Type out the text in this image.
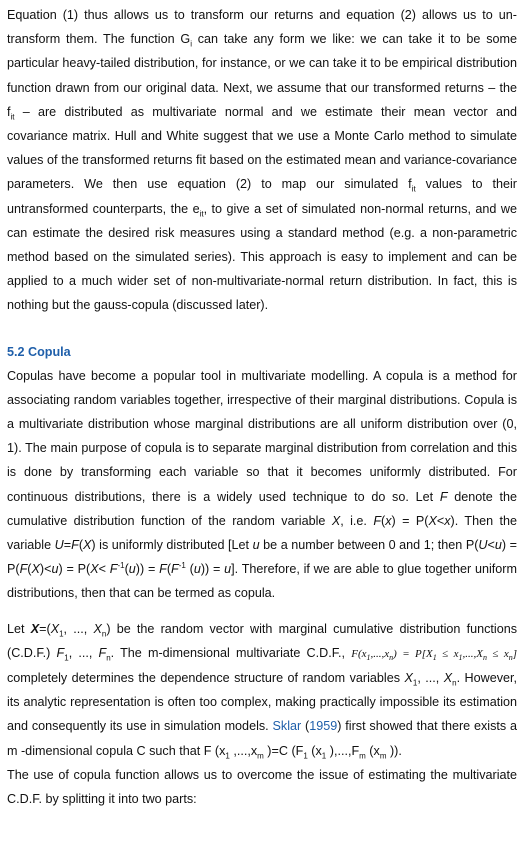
Equation (1) thus allows us to transform our returns and equation (2) allows us to un-transform them. The function $G_i$ can take any form we like: we can take it to be some particular heavy-tailed distribution, for instance, or we can take it to be empirical distribution function drawn from our original data. Next, we assume that our transformed returns – the $f_{it}$ – are distributed as multivariate normal and we estimate their mean vector and covariance matrix. Hull and White suggest that we use a Monte Carlo method to simulate values of the transformed returns fit based on the estimated mean and variance-covariance parameters. We then use equation (2) to map our simulated $f_{it}$ values to their untransformed counterparts, the $e_{it}$, to give a set of simulated non-normal returns, and we can estimate the desired risk measures using a standard method (e.g. a non-parametric method based on the simulated series). This approach is easy to implement and can be applied to a much wider set of non-multivariate-normal return distribution. In fact, this is nothing but the gauss-copula (discussed later).

5.2 Copula

Copulas have become a popular tool in multivariate modelling. A copula is a method for associating random variables together, irrespective of their marginal distributions. Copula is a multivariate distribution whose marginal distributions are all uniform distribution over (0, 1). The main purpose of copula is to separate marginal distribution from correlation and this is done by transforming each variable so that it becomes uniformly distributed. For continuous distributions, there is a widely used technique to do so. Let F denote the cumulative distribution function of the random variable X, i.e. F(x) = P(X<x). Then the variable U=F(X) is uniformly distributed [Let u be a number between 0 and 1; then $P(U<u) = P(F(X)<u) = P(X< F^{-1}(u)) = F(F^{-1}$ (u)) = u]. Therefore, if we are able to glue together uniform distributions, then that can be termed as copula.

Let $X=(X_1$, ..., $X_n$) be the random vector with marginal cumulative distribution functions (C.D.F.) $F_1$, ..., $F_n$. The m-dimensional multivariate C.D.F., $F(x_1,...,x_n) = P[X_1 \le x_1,...,X_n \le x_n]$ completely determines the dependence structure of random variables $X_1$, ..., $X_n$. However, its analytic representation is often too complex, making practically impossible its estimation and consequently its use in simulation models. Sklar (1959) first showed that there exists a m -dimensional copula C such that F ($x_1$ $,...,x_m$ )=C ($F_1$ ($x_1$ )$,...,F_m$ ($x_m$ )).

The use of copula function allows us to overcome the issue of estimating the multivariate C.D.F. by splitting it into two parts:
